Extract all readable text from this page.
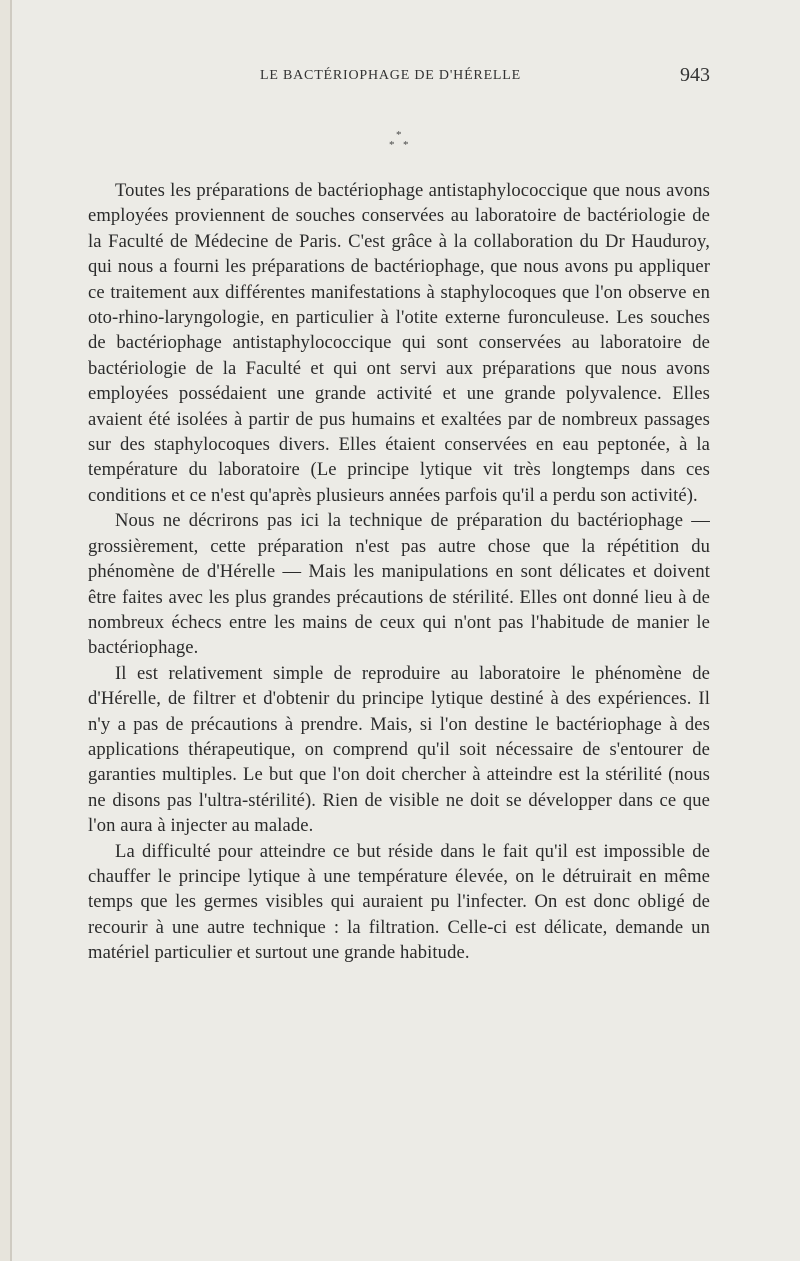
LE BACTÉRIOPHAGE DE D'HÉRELLE	943
*
* *

Toutes les préparations de bactériophage antistaphylococcique que nous avons employées proviennent de souches conservées au laboratoire de bactériologie de la Faculté de Médecine de Paris. C'est grâce à la collaboration du Dr Hauduroy, qui nous a fourni les préparations de bactériophage, que nous avons pu appliquer ce traitement aux différentes manifestations à staphylocoques que l'on observe en oto-rhino-laryngologie, en particulier à l'otite externe furonculeuse. Les souches de bactériophage antistaphylococcique qui sont conservées au laboratoire de bactériologie de la Faculté et qui ont servi aux préparations que nous avons employées possédaient une grande activité et une grande polyvalence. Elles avaient été isolées à partir de pus humains et exaltées par de nombreux passages sur des staphylocoques divers. Elles étaient conservées en eau peptonée, à la température du laboratoire (Le principe lytique vit très longtemps dans ces conditions et ce n'est qu'après plusieurs années parfois qu'il a perdu son activité).

Nous ne décrirons pas ici la technique de préparation du bactériophage — grossièrement, cette préparation n'est pas autre chose que la répétition du phénomène de d'Hérelle — Mais les manipulations en sont délicates et doivent être faites avec les plus grandes précautions de stérilité. Elles ont donné lieu à de nombreux échecs entre les mains de ceux qui n'ont pas l'habitude de manier le bactériophage.

Il est relativement simple de reproduire au laboratoire le phénomène de d'Hérelle, de filtrer et d'obtenir du principe lytique destiné à des expériences. Il n'y a pas de précautions à prendre. Mais, si l'on destine le bactériophage à des applications thérapeutique, on comprend qu'il soit nécessaire de s'entourer de garanties multiples. Le but que l'on doit chercher à atteindre est la stérilité (nous ne disons pas l'ultra-stérilité). Rien de visible ne doit se développer dans ce que l'on aura à injecter au malade.

La difficulté pour atteindre ce but réside dans le fait qu'il est impossible de chauffer le principe lytique à une température élevée, on le détruirait en même temps que les germes visibles qui auraient pu l'infecter. On est donc obligé de recourir à une autre technique : la filtration. Celle-ci est délicate, demande un matériel particulier et surtout une grande habitude.
